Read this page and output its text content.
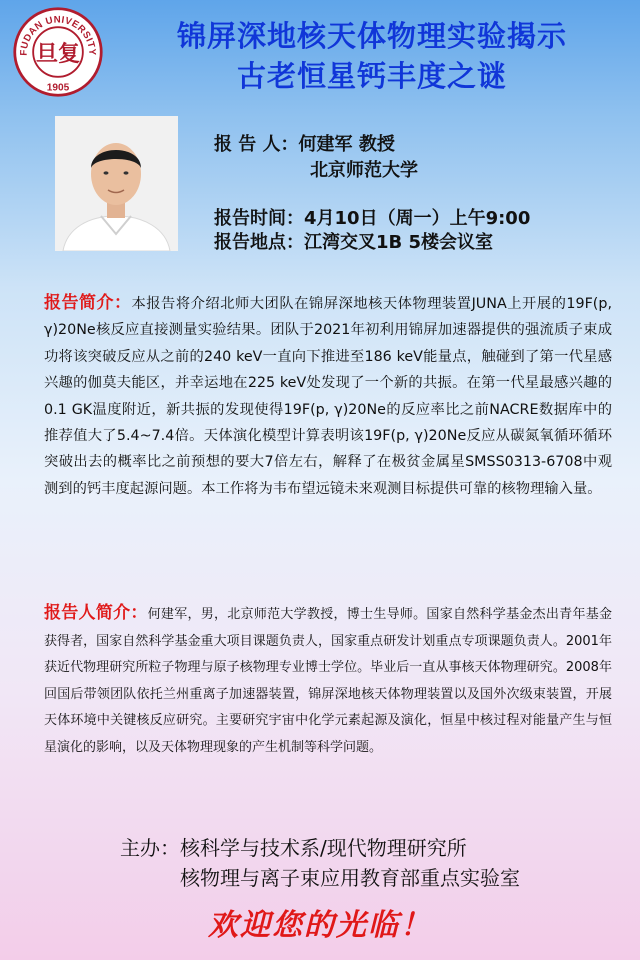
FUDAN UNIVERSITY
旦复
1905
锦屏深地核天体物理实验揭示
古老恒星钙丰度之谜
报 告 人：何建军 教授
北京师范大学
报告时间：4月10日（周一）上午9:00
报告地点：江湾交叉1B 5楼会议室

报告简介：本报告将介绍北师大团队在锦屏深地核天体物理装置JUNA上开展的19F(p, γ)20Ne核反应直接测量实验结果。团队于2021年初利用锦屏加速器提供的强流质子束成功将该突破反应从之前的240 keV一直向下推进至186 keV能量点，触碰到了第一代星感兴趣的伽莫夫能区，并幸运地在225 keV处发现了一个新的共振。在第一代星最感兴趣的0.1 GK温度附近，新共振的发现使得19F(p, γ)20Ne的反应率比之前NACRE数据库中的推荐值大了5.4~7.4倍。天体演化模型计算表明该19F(p, γ)20Ne反应从碳氮氧循环循环突破出去的概率比之前预想的要大7倍左右，解释了在极贫金属星SMSS0313-6708中观测到的钙丰度起源问题。本工作将为韦布望远镜未来观测目标提供可靠的核物理输入量。

报告人简介：何建军，男，北京师范大学教授，博士生导师。国家自然科学基金杰出青年基金获得者，国家自然科学基金重大项目课题负责人，国家重点研发计划重点专项课题负责人。2001年获近代物理研究所粒子物理与原子核物理专业博士学位。毕业后一直从事核天体物理研究。2008年回国后带领团队依托兰州重离子加速器装置，锦屏深地核天体物理装置以及国外次级束装置，开展天体环境中关键核反应研究。主要研究宇宙中化学元素起源及演化，恒星中核过程对能量产生与恒星演化的影响，以及天体物理现象的产生机制等科学问题。

主办：核科学与技术系/现代物理研究所
核物理与离子束应用教育部重点实验室
欢迎您的光临！
